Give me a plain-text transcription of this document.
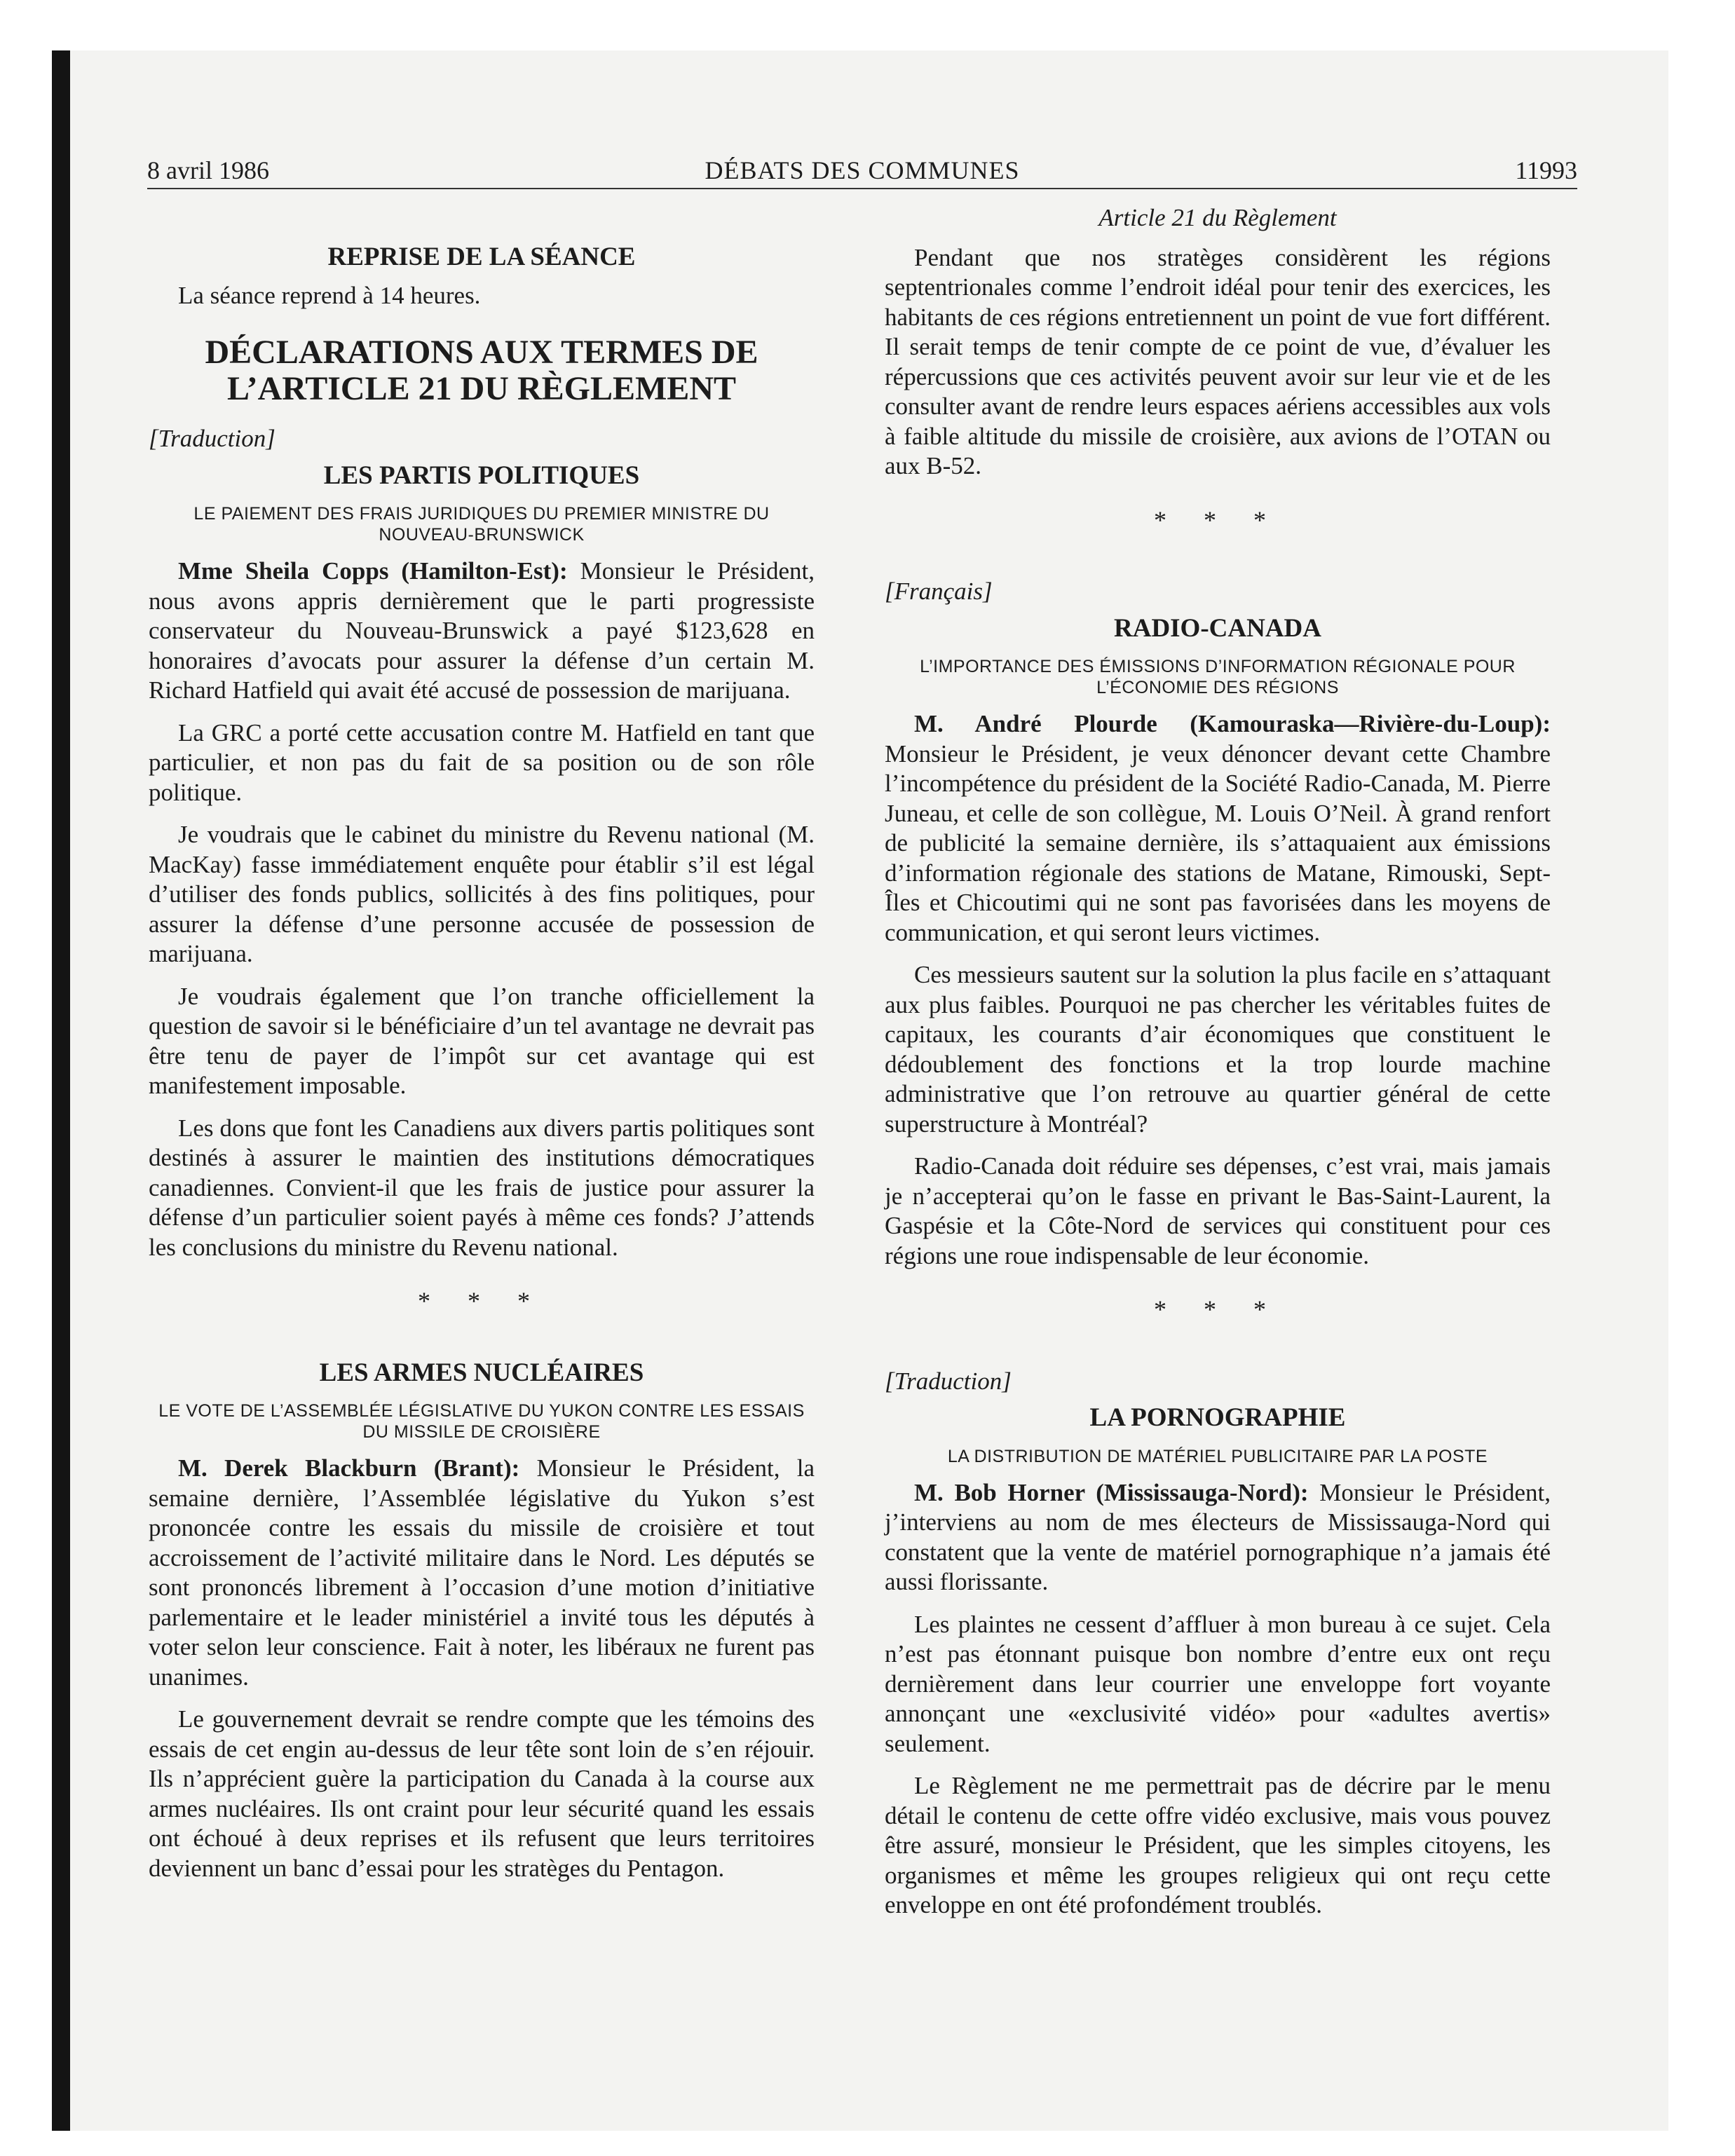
8 avril 1986	DÉBATS DES COMMUNES	11993
REPRISE DE LA SÉANCE

La séance reprend à 14 heures.

DÉCLARATIONS AUX TERMES DE L’ARTICLE 21 DU RÈGLEMENT
[Traduction]
LES PARTIS POLITIQUES
LE PAIEMENT DES FRAIS JURIDIQUES DU PREMIER MINISTRE DU NOUVEAU-BRUNSWICK

Mme Sheila Copps (Hamilton-Est): Monsieur le Président, nous avons appris dernièrement que le parti progressiste conservateur du Nouveau-Brunswick a payé $123,628 en honoraires d’avocats pour assurer la défense d’un certain M. Richard Hatfield qui avait été accusé de possession de marijuana.

La GRC a porté cette accusation contre M. Hatfield en tant que particulier, et non pas du fait de sa position ou de son rôle politique.

Je voudrais que le cabinet du ministre du Revenu national (M. MacKay) fasse immédiatement enquête pour établir s’il est légal d’utiliser des fonds publics, sollicités à des fins politiques, pour assurer la défense d’une personne accusée de possession de marijuana.

Je voudrais également que l’on tranche officiellement la question de savoir si le bénéficiaire d’un tel avantage ne devrait pas être tenu de payer de l’impôt sur cet avantage qui est manifestement imposable.

Les dons que font les Canadiens aux divers partis politiques sont destinés à assurer le maintien des institutions démocratiques canadiennes. Convient-il que les frais de justice pour assurer la défense d’un particulier soient payés à même ces fonds? J’attends les conclusions du ministre du Revenu national.

* * *
LES ARMES NUCLÉAIRES
LE VOTE DE L’ASSEMBLÉE LÉGISLATIVE DU YUKON CONTRE LES ESSAIS DU MISSILE DE CROISIÈRE

M. Derek Blackburn (Brant): Monsieur le Président, la semaine dernière, l’Assemblée législative du Yukon s’est prononcée contre les essais du missile de croisière et tout accroissement de l’activité militaire dans le Nord. Les députés se sont prononcés librement à l’occasion d’une motion d’initiative parlementaire et le leader ministériel a invité tous les députés à voter selon leur conscience. Fait à noter, les libéraux ne furent pas unanimes.

Le gouvernement devrait se rendre compte que les témoins des essais de cet engin au-dessus de leur tête sont loin de s’en réjouir. Ils n’apprécient guère la participation du Canada à la course aux armes nucléaires. Ils ont craint pour leur sécurité quand les essais ont échoué à deux reprises et ils refusent que leurs territoires deviennent un banc d’essai pour les stratèges du Pentagon.

Article 21 du Règlement

Pendant que nos stratèges considèrent les régions septentrionales comme l’endroit idéal pour tenir des exercices, les habitants de ces régions entretiennent un point de vue fort différent. Il serait temps de tenir compte de ce point de vue, d’évaluer les répercussions que ces activités peuvent avoir sur leur vie et de les consulter avant de rendre leurs espaces aériens accessibles aux vols à faible altitude du missile de croisière, aux avions de l’OTAN ou aux B-52.

* * *
[Français]
RADIO-CANADA
L’IMPORTANCE DES ÉMISSIONS D’INFORMATION RÉGIONALE POUR L’ÉCONOMIE DES RÉGIONS

M. André Plourde (Kamouraska—Rivière-du-Loup): Monsieur le Président, je veux dénoncer devant cette Chambre l’incompétence du président de la Société Radio-Canada, M. Pierre Juneau, et celle de son collègue, M. Louis O’Neil. À grand renfort de publicité la semaine dernière, ils s’attaquaient aux émissions d’information régionale des stations de Matane, Rimouski, Sept-Îles et Chicoutimi qui ne sont pas favorisées dans les moyens de communication, et qui seront leurs victimes.

Ces messieurs sautent sur la solution la plus facile en s’attaquant aux plus faibles. Pourquoi ne pas chercher les véritables fuites de capitaux, les courants d’air économiques que constituent le dédoublement des fonctions et la trop lourde machine administrative que l’on retrouve au quartier général de cette superstructure à Montréal?

Radio-Canada doit réduire ses dépenses, c’est vrai, mais jamais je n’accepterai qu’on le fasse en privant le Bas-Saint-Laurent, la Gaspésie et la Côte-Nord de services qui constituent pour ces régions une roue indispensable de leur économie.

* * *
[Traduction]
LA PORNOGRAPHIE
LA DISTRIBUTION DE MATÉRIEL PUBLICITAIRE PAR LA POSTE

M. Bob Horner (Mississauga-Nord): Monsieur le Président, j’interviens au nom de mes électeurs de Mississauga-Nord qui constatent que la vente de matériel pornographique n’a jamais été aussi florissante.

Les plaintes ne cessent d’affluer à mon bureau à ce sujet. Cela n’est pas étonnant puisque bon nombre d’entre eux ont reçu dernièrement dans leur courrier une enveloppe fort voyante annonçant une «exclusivité vidéo» pour «adultes avertis» seulement.

Le Règlement ne me permettrait pas de décrire par le menu détail le contenu de cette offre vidéo exclusive, mais vous pouvez être assuré, monsieur le Président, que les simples citoyens, les organismes et même les groupes religieux qui ont reçu cette enveloppe en ont été profondément troublés.
